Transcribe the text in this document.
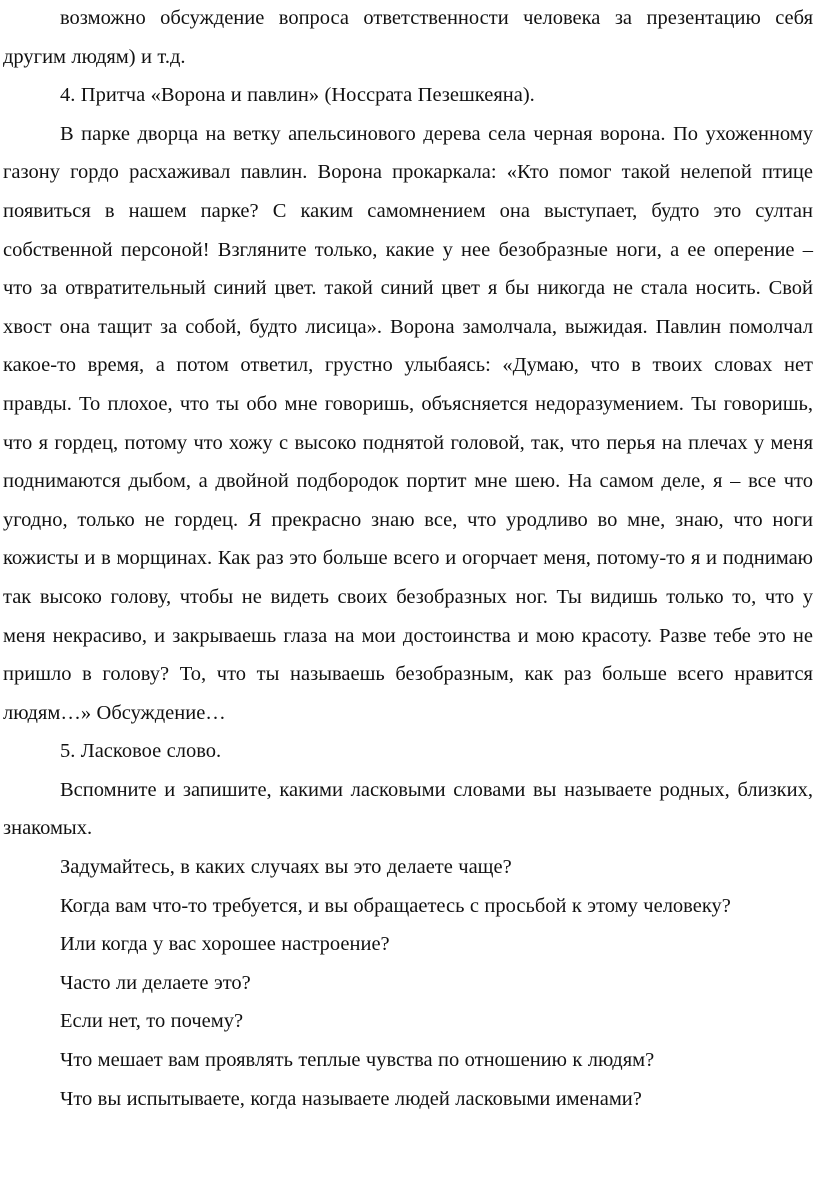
возможно обсуждение вопроса ответственности человека за презентацию себя другим людям) и т.д.

4. Притча «Ворона и павлин» (Носсрата Пезешкеяна).

В парке дворца на ветку апельсинового дерева села черная ворона. По ухоженному газону гордо расхаживал павлин. Ворона прокаркала: «Кто помог такой нелепой птице появиться в нашем парке? С каким самомнением она выступает, будто это султан собственной персоной! Взгляните только, какие у нее безобразные ноги, а ее оперение – что за отвратительный синий цвет. такой синий цвет я бы никогда не стала носить. Свой хвост она тащит за собой, будто лисица». Ворона замолчала, выжидая. Павлин помолчал какое-то время, а потом ответил, грустно улыбаясь: «Думаю, что в твоих словах нет правды. То плохое, что ты обо мне говоришь, объясняется недоразумением. Ты говоришь, что я гордец, потому что хожу с высоко поднятой головой, так, что перья на плечах у меня поднимаются дыбом, а двойной подбородок портит мне шею. На самом деле, я – все что угодно, только не гордец. Я прекрасно знаю все, что уродливо во мне, знаю, что ноги кожисты и в морщинах. Как раз это больше всего и огорчает меня, потому-то я и поднимаю так высоко голову, чтобы не видеть своих безобразных ног. Ты видишь только то, что у меня некрасиво, и закрываешь глаза на мои достоинства и мою красоту. Разве тебе это не пришло в голову? То, что ты называешь безобразным, как раз больше всего нравится людям…» Обсуждение…

5. Ласковое слово.

Вспомните и запишите, какими ласковыми словами вы называете родных, близких, знакомых.

Задумайтесь, в каких случаях вы это делаете чаще?

Когда вам что-то требуется, и вы обращаетесь с просьбой к этому человеку?

Или когда у вас хорошее настроение?

Часто ли делаете это?

Если нет, то почему?

Что мешает вам проявлять теплые чувства по отношению к людям?

Что вы испытываете, когда называете людей ласковыми именами?
